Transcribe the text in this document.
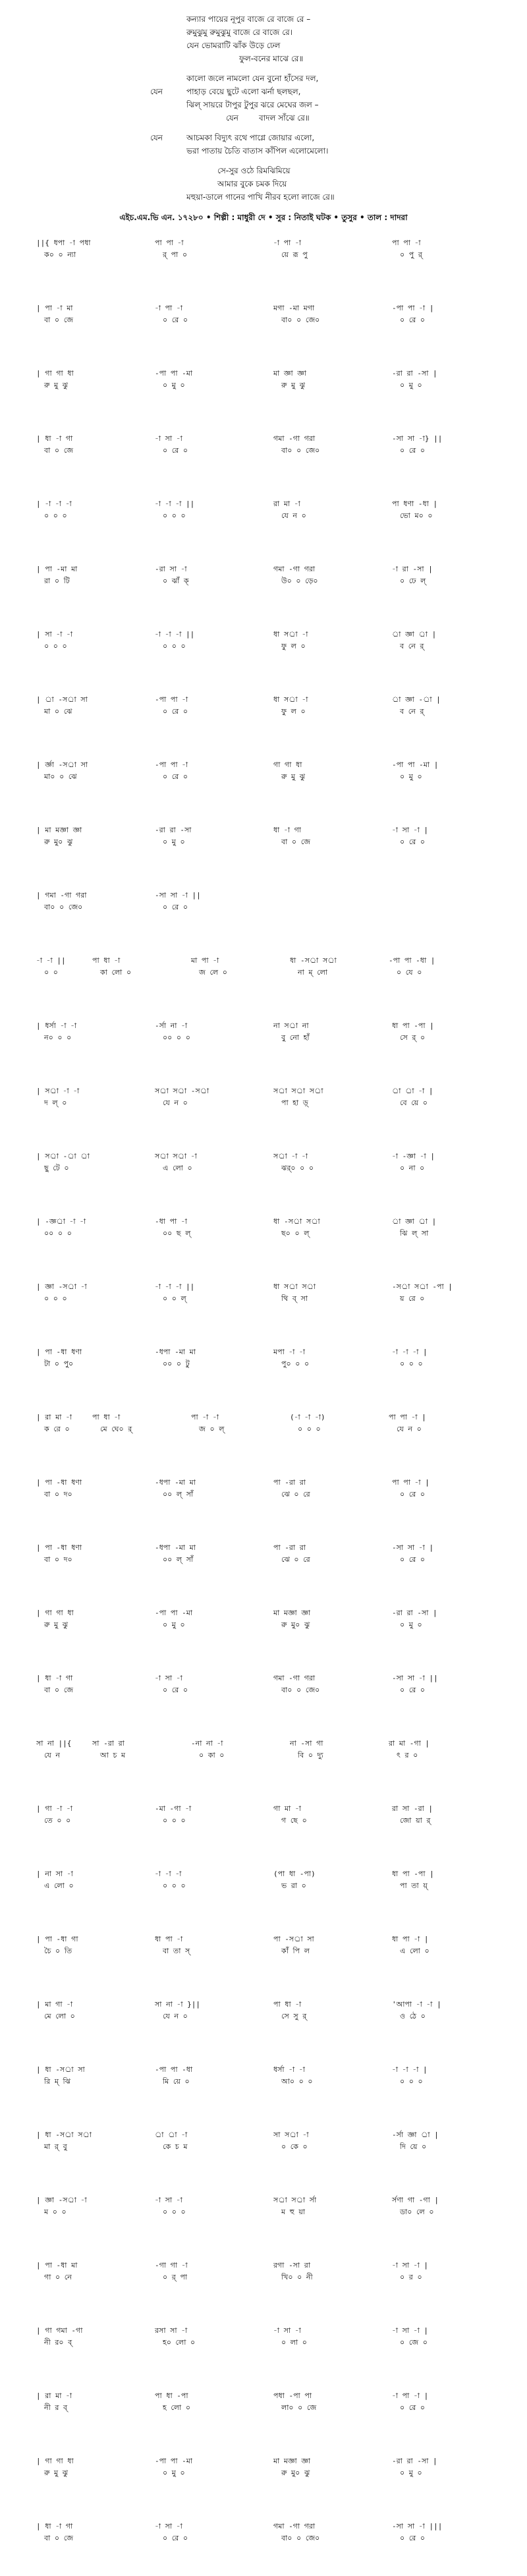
কন্যার পায়ের নূপুর বাজে রে বাজে রে –
রুমুঝুমু রুমুঝুমু বাজে রে বাজে রে।
যেন ভোমরাটি ঝাঁক উড়ে ঢেল
ফুল-বনের মাঝে রে॥
কালো জলে নামলো যেন বুনো হাঁসের দল,
যেন	পাহাড় বেয়ে ছুটে এলো ঝর্না ছলছল,
ঝিল্ সায়রে টাপুর টুপুর ঝরে মেঘের জল –
যেন	বাদল সাঁঝে রে॥
যেন	আচমকা বিদ্যুৎ রথে পাগ্লে জোয়ার এলো,
ভরা পাতায় চৈতি বাতাস কাঁপিল এলোমেলো।
সে-সুর ওঠে রিমঝিমিয়ে
আমার বুকে চমক দিয়ে
মহুয়া-ডালে গানের পাখি নীরব হলো লাজে রে॥
এইচ.এম.ভি এন. ১৭২৮০ • শিল্পী : মাধুরী দে • সুর : নিতাই ঘটক • তুসুর • তাল : দাদরা
||{ ধপা -া পধা	পা পা -া	-া পা -া	পা পা -া
ক০ ০ ন্যা	র্ পা ০	য়ে রূ পু	০ পু র্
| পা -া মা	-া পা -া	মগা -মা মগা	-পা পা -া |
বা ০ জে	০ রে ০	বা০ ০ জে০	০ রে ০
| গা গা ধা	-পা পা -মা	মা জ্ঞা জ্ঞা	-রা রা -সা |
রু মু ঝু	০ মু ০	রু মু ঝু	০ মু ০
| ধা -া গা	-া সা -া	গমা -গা গরা	-সা সা -া} ||
বা ০ জে	০ রে ০	বা০ ০ জে০	০ রে ০
| -া -া -া	-া -া -া ||	রা মা -া	পা ধণা -ধা |
০ ০ ০	০ ০ ০	যে ন ০	ভো ম০ ০
| পা -মা মা	-রা সা -া	গমা -গা গরা	-া রা -সা |
রা ০ টি	০ ঝাঁ ক্	উ০ ০ ড়ে০	০ ঢে ল্
| সা -া -া	-া -া -া ||	ধা সর্া -া	র্া জ্ঞা র্া |
০ ০ ০	০ ০ ০	ফু ল ০	ব নে র্
| র্া -সর্া সা	-পা পা -া	ধা সর্া -া	র্া জ্ঞা -র্া |
মা ০ ঝে	০ রে ০	ফু ল ০	ব নে র্
| র্জ্ঞা -সর্া সা	-পা পা -া	গা গা ধা	-পা পা -মা |
মা০ ০ ঝে	০ রে ০	রু মু ঝু	০ মু ০
| মা মজ্ঞা জ্ঞা	-রা রা -সা	ধা -া গা	-া সা -া |
রু মু০ ঝু	০ মু ০	বা ০ জে	০ রে ০
| গমা -গা গরা	-সা সা -া ||
বা০ ০ জে০	০ রে ০
-া -া ||	পা ধা -া	মা পা -া	ধা -সর্া সর্া	-পা পা -ধা |
০ ০	কা লো ০	জ লে ০	না ম্ লো	০ যে ০
| ধর্সা -া -া	-র্সা না -া	না সর্া না	ধা পা -পা |
ন০ ০ ০	০০ ০ ০	বু নো হাঁ	সে র্ ০
| সর্া -া -া	সর্া সর্া -সর্া	সর্া সর্া সর্া	র্া র্া -া |
দ ল্ ০	যে ন ০	পা হা ড়্	বে য়ে ০
| সর্া -র্া র্া	সর্া সর্া -া	সর্া -া -া	-া -জ্ঞা -া |
ছু টে ০	এ লো ০	ঝর্০ ০ ০	০ না ০
| -জ্ঞর্া -া -া	-ধা পা -া	ধা -সর্া সর্া	র্া জ্ঞা র্া |
০০ ০ ০	০০ ছ ল্	ছ০ ০ ল্	ঝি ল্ সা
| জ্ঞা -সর্া -া	-া -া -া ||	ধা সর্া সর্া	-সর্া সর্া -পা |
০ ০ ০	০ ০ ল্	থি ব্ সা	য় রে ০
| পা -ধা ধণা	-ধপা -মা মা	মপা -া -া	-া -া -া |
টা ০ পু০	০০ ০ টু	পু০ ০ ০	০ ০ ০
| রা মা -া	পা ধা -া	পা -া -া	(-া -া -া)	পা পা -া |
ক রে ০	মে ঘে০ র্	জ ০ ল্	০ ০ ০	যে ন ০
| পা -ধা ধণা	-ধপা -মা মা	পা -রা রা	পা পা -া |
বা ০ দ০	০০ ল্ সাঁ	ঝে ০ রে	০ রে ০
| পা -ধা ধণা	-ধপা -মা মা	পা -রা রা	-সা সা -া |
বা ০ দ০	০০ ল্ সাঁ	ঝে ০ রে	০ রে ০
| গা গা ধা	-পা পা -মা	মা মজ্ঞা জ্ঞা	-রা রা -সা |
রু মু ঝু	০ মু ০	রু মু০ ঝু	০ মু ০
| ধা -া গা	-া সা -া	গমা -গা গরা	-সা সা -া ||
বা ০ জে	০ রে ০	বা০ ০ জে০	০ রে ০
সা না ||{	সা -রা রা	-না না -া	না -সা গা	রা মা -গা |
যে ন	আ চ ম	০ কা ০	বি ০ দ্যু	ৎ র ০
| গা -া -া	-মা -গা -া	গা মা -া	রা সা -রা |
তে ০ ০	০ ০ ০	গ ছে ০	জো য়া র্
| না সা -া	-া -া -া	(পা ধা -পা)	ধা পা -পা |
এ লো ০	০ ০ ০	ভ রা ০	পা তা য়্
| পা -ধা গা	ধা পা -া	পা -সর্া সা	ধা পা -া |
চৈ ০ তি	বা তা স্	কাঁ পি ল	এ লো ০
| মা গা -া	সা না -া }||	পা ধা -া	'আপা -া -া |
মে লো ০	যে ন ০	সে সু র্	ও ঠে ০
| ধা -সর্া সা	-পা পা -ধা	ধর্সা -া -া	-া -া -া |
রি ম্ ঝি	মি য়ে ০	আ০ ০ ০	০ ০ ০
| ধা -সর্া সর্া	র্া র্া -া	সা সর্া -া	-র্সা জ্ঞা র্া |
মা র্ বু	কে চ ম	০ কে ০	দি য়ে ০
| জ্ঞা -সর্া -া	-া সা -া	সর্া সর্া র্সা	র্সণা গা -গা |
ম ০ ০	০ ০ ০	ম হু য়া	ডা০ লে ০
| পা -ধা মা	-গা গা -া	রগা -সা রা	-া সা -া |
গা ০ নে	০ র্ পা	খি০ ০ নী	০ র ০
| গা গমা -গা	রসা সা -া	-া সা -া	-া সা -া |
নী র০ ব্	হ০ লো ০	০ লা ০	০ জে ০
| রা মা -া	পা ধা -পা	পধা -পা পা	-া পা -া |
নী র ব্	হ লো ০	লা০ ০ জে	০ রে ০
| গা গা ধা	-পা পা -মা	মা মজ্ঞা জ্ঞা	-রা রা -সা |
রু মু ঝু	০ মু ০	রু মু০ ঝু	০ মু ০
| ধা -া গা	-া সা -া	গমা -গা গরা	-সা সা -া |||
বা ০ জে	০ রে ০	বা০ ০ জে০	০ রে ০
